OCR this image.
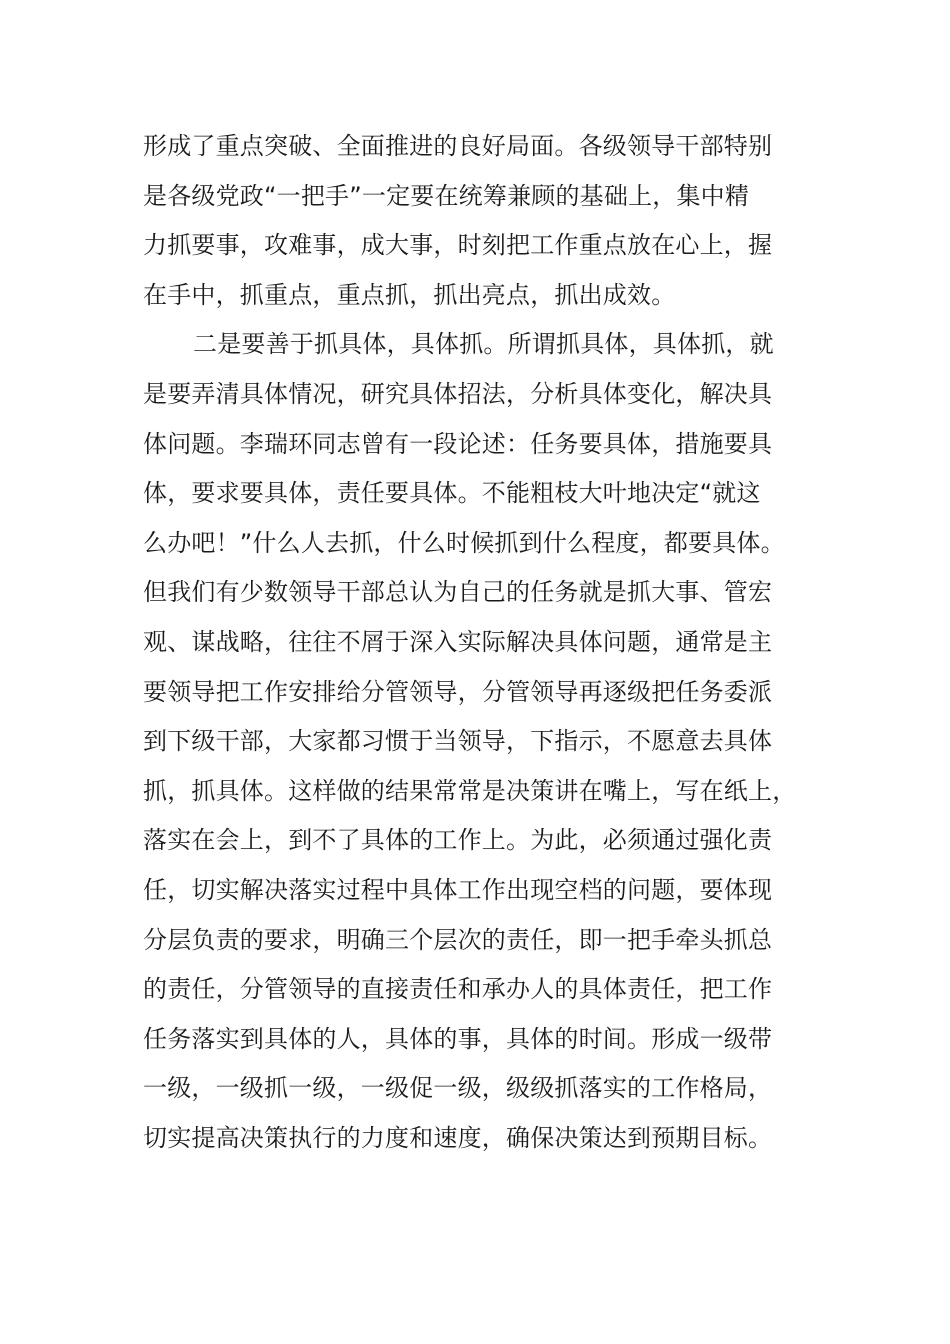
形成了重点突破、全面推进的良好局面。各级领导干部特别
是各级党政“一把手”一定要在统筹兼顾的基础上，集中精
力抓要事，攻难事，成大事，时刻把工作重点放在心上，握
在手中，抓重点，重点抓，抓出亮点，抓出成效。
二是要善于抓具体，具体抓。所谓抓具体，具体抓，就
是要弄清具体情况，研究具体招法，分析具体变化，解决具
体问题。李瑞环同志曾有一段论述：任务要具体，措施要具
体，要求要具体，责任要具体。不能粗枝大叶地决定“就这
么办吧！”什么人去抓，什么时候抓到什么程度，都要具体。
但我们有少数领导干部总认为自己的任务就是抓大事、管宏
观、谋战略，往往不屑于深入实际解决具体问题，通常是主
要领导把工作安排给分管领导，分管领导再逐级把任务委派
到下级干部，大家都习惯于当领导，下指示，不愿意去具体
抓，抓具体。这样做的结果常常是决策讲在嘴上，写在纸上，
落实在会上，到不了具体的工作上。为此，必须通过强化责
任，切实解决落实过程中具体工作出现空档的问题，要体现
分层负责的要求，明确三个层次的责任，即一把手牵头抓总
的责任，分管领导的直接责任和承办人的具体责任，把工作
任务落实到具体的人，具体的事，具体的时间。形成一级带
一级，一级抓一级，一级促一级，级级抓落实的工作格局，
切实提高决策执行的力度和速度，确保决策达到预期目标。
